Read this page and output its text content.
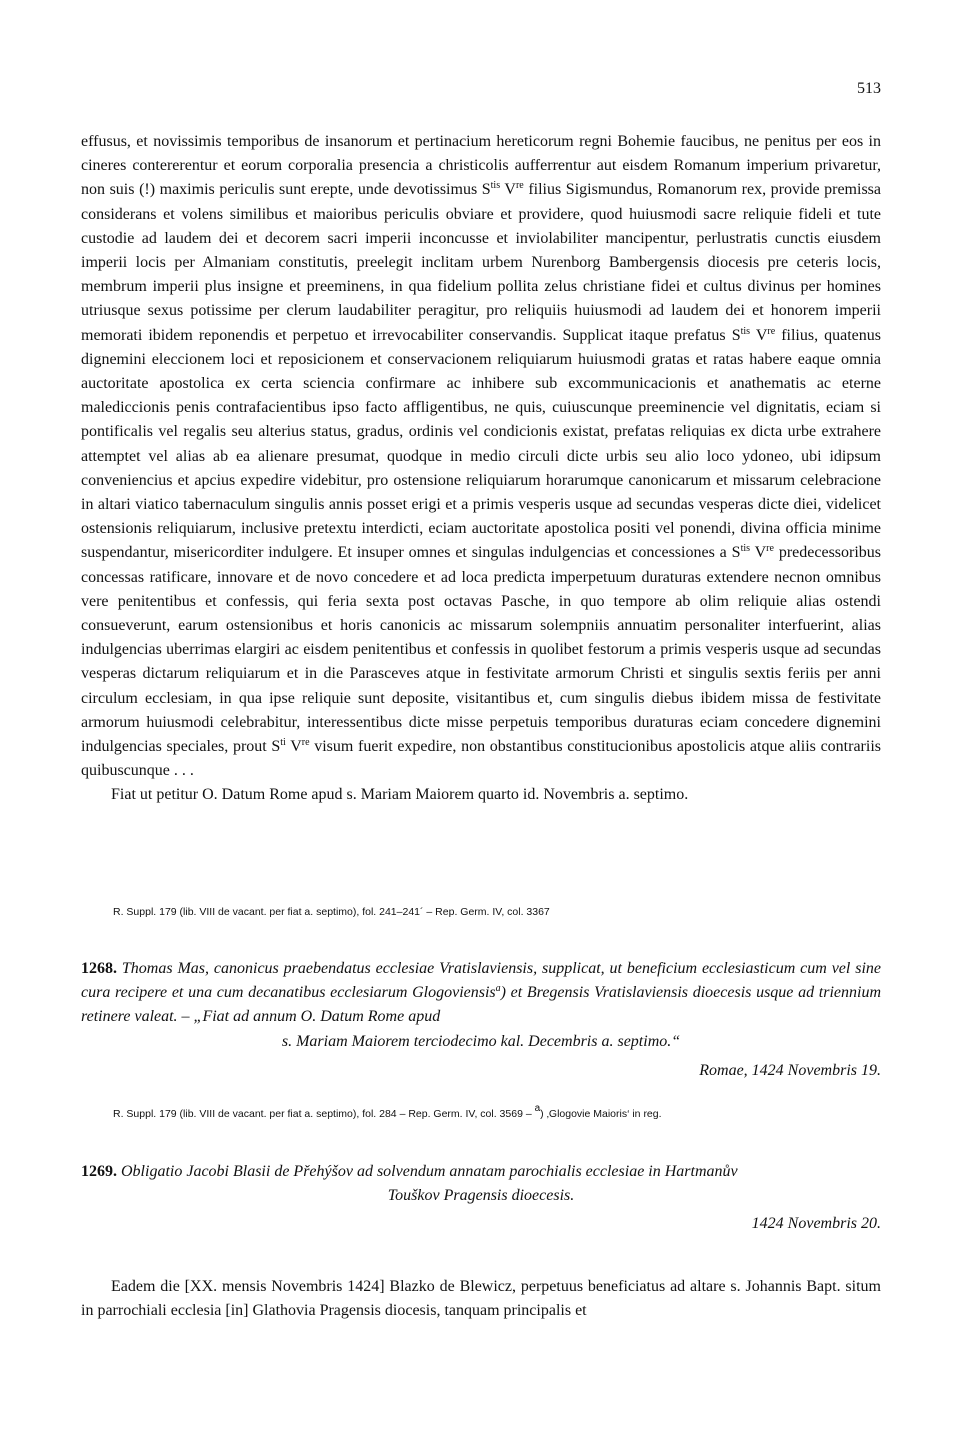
513

effusus, et novissimis temporibus de insanorum et pertinacium hereticorum regni Bohemie faucibus, ne penitus per eos in cineres contererentur et eorum corporalia presencia a christicolis aufferrentur aut eisdem Romanum imperium privaretur, non suis (!) maximis periculis sunt erepte, unde devotissimus $S^{tis}$ Vre filius Sigismundus, Romanorum rex, provide premissa considerans et volens similibus et maioribus periculis obviare et providere, quod huiusmodi sacre reliquie fideli et tute custodie ad laudem dei et decorem sacri imperii inconcusse et inviolabiliter mancipentur, perlustratis cunctis eiusdem imperii locis per Almaniam constitutis, preelegit inclitam urbem Nurenborg Bambergensis diocesis pre ceteris locis, membrum imperii plus insigne et preeminens, in qua fidelium pollita zelus christiane fidei et cultus divinus per homines utriusque sexus potissime per clerum laudabiliter peragitur, pro reliquiis huiusmodi ad laudem dei et honorem imperii memorati ibidem reponendis et perpetuo et irrevocabiliter conservandis. Supplicat itaque prefatus $S^{tis}$ Vre filius, quatenus dignemini eleccionem loci et reposicionem et conservacionem reliquiarum huiusmodi gratas et ratas habere eaque omnia auctoritate apostolica ex certa sciencia confirmare ac inhibere sub excommunicacionis et anathematis ac eterne malediccionis penis contrafacientibus ipso facto affligentibus, ne quis, cuiuscunque preeminencie vel dignitatis, eciam si pontificalis vel regalis seu alterius status, gradus, ordinis vel condicionis existat, prefatas reliquias ex dicta urbe extrahere attemptet vel alias ab ea alienare presumat, quodque in medio circuli dicte urbis seu alio loco ydoneo, ubi idipsum conveniencius et apcius expedire videbitur, pro ostensione reliquiarum horarumque canonicarum et missarum celebracione in altari viatico tabernaculum singulis annis posset erigi et a primis vesperis usque ad secundas vesperas dicte diei, videlicet ostensionis reliquiarum, inclusive pretextu interdicti, eciam auctoritate apostolica positi vel ponendi, divina officia minime suspendantur, misericorditer indulgere. Et insuper omnes et singulas indulgencias et concessiones a $S^{tis}$ Vre predecessoribus concessas ratificare, innovare et de novo concedere et ad loca predicta imperpetuum duraturas extendere necnon omnibus vere penitentibus et confessis, qui feria sexta post octavas Pasche, in quo tempore ab olim reliquie alias ostendi consueverunt, earum ostensionibus et horis canonicis ac missarum solempniis annuatim personaliter interfuerint, alias indulgencias uberrimas elargiri ac eisdem penitentibus et confessis in quolibet festorum a primis vesperis usque ad secundas vesperas dictarum reliquiarum et in die Parasceves atque in festivitate armorum Christi et singulis sextis feriis per anni circulum ecclesiam, in qua ipse reliquie sunt deposite, visitantibus et, cum singulis diebus ibidem missa de festivitate armorum huiusmodi celebrabitur, interessentibus dicte misse perpetuis temporibus duraturas eciam concedere dignemini indulgencias speciales, prout $S^{ti}$ Vre visum fuerit expedire, non obstantibus constitucionibus apostolicis atque aliis contrariis quibuscunque . . .

Fiat ut petitur O. Datum Rome apud s. Mariam Maiorem quarto id. Novembris a. septimo.

R. Suppl. 179 (lib. VIII de vacant. per fiat a. septimo), fol. 241–241´ – Rep. Germ. IV, col. 3367
1268. Thomas Mas, canonicus praebendatus ecclesiae Vratislaviensis, supplicat, ut beneficium ecclesiasticum cum vel sine cura recipere et una cum decanatibus ecclesiarum Glogoviensis$^a$) et Bregensis Vratislaviensis dioecesis usque ad triennium retinere valeat. – „Fiat ad annum O. Datum Rome apud
s. Mariam Maiorem terciodecimo kal. Decembris a. septimo.“
Romae, 1424 Novembris 19.
R. Suppl. 179 (lib. VIII de vacant. per fiat a. septimo), fol. 284 – Rep. Germ. IV, col. 3569 – $^a$) ‚Glogovie Maioris‘ in reg.
1269. Obligatio Jacobi Blasii de Přehýšov ad solvendum annatam parochialis ecclesiae in Hartmanův
Touškov Pragensis dioecesis.
1424 Novembris 20.

Eadem die [XX. mensis Novembris 1424] Blazko de Blewicz, perpetuus beneficiatus ad altare s. Johannis Bapt. situm in parrochiali ecclesia [in] Glathovia Pragensis diocesis, tanquam principalis et
